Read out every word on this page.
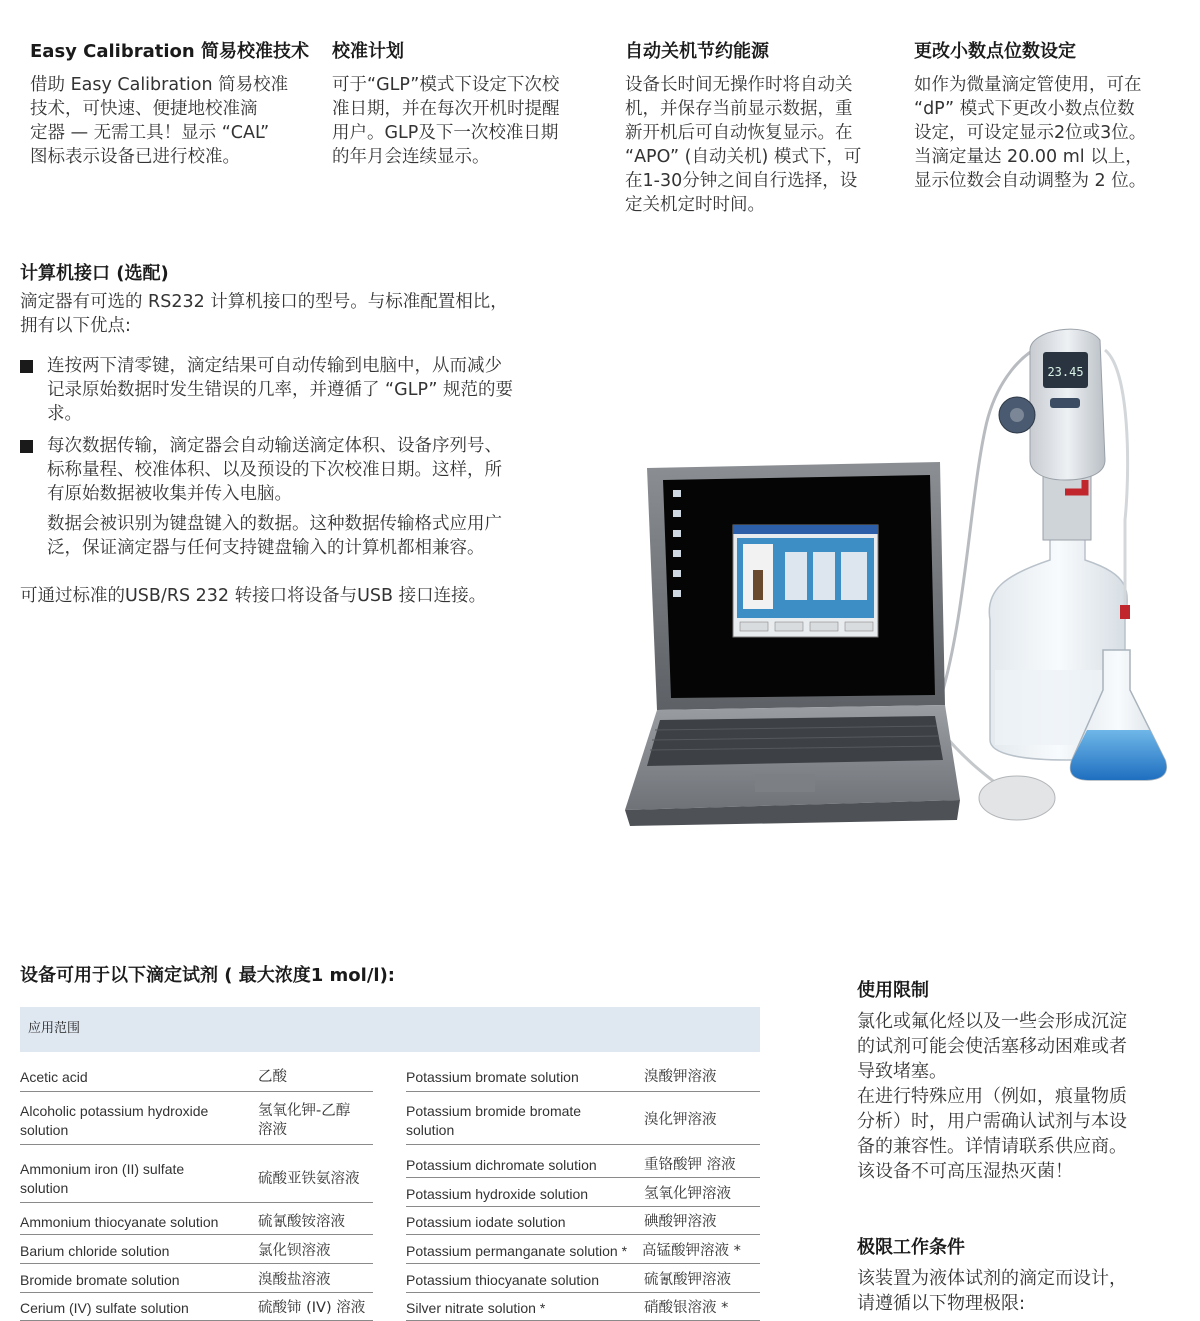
Easy Calibration 简易校准技术

借助 Easy Calibration 简易校准
技术，可快速、便捷地校准滴
定器 — 无需工具！显示 “CAL”
图标表示设备已进行校准。

校准计划

可于“GLP”模式下设定下次校
准日期，并在每次开机时提醒
用户。GLP及下一次校准日期
的年月会连续显示。

自动关机节约能源

设备长时间无操作时将自动关
机，并保存当前显示数据，重
新开机后可自动恢复显示。在
“APO” (自动关机) 模式下，可
在1-30分钟之间自行选择，设
定关机定时时间。

更改小数点位数设定

如作为微量滴定管使用，可在
“dP” 模式下更改小数点位数
设定，可设定显示2位或3位。
当滴定量达 20.00 ml 以上，
显示位数会自动调整为 2 位。

计算机接口 (选配)

滴定器有可选的 RS232 计算机接口的型号。与标准配置相比，
拥有以下优点:

连按两下清零键，滴定结果可自动传输到电脑中，从而减少
记录原始数据时发生错误的几率，并遵循了 “GLP” 规范的要
求。
每次数据传输，滴定器会自动输送滴定体积、设备序列号、
标称量程、校准体积、以及预设的下次校准日期。这样，所
有原始数据被收集并传入电脑。

数据会被识别为键盘键入的数据。这种数据传输格式应用广
泛，保证滴定器与任何支持键盘输入的计算机都相兼容。

可通过标准的USB/RS 232 转接口将设备与USB 接口连接。

23.45
设备可用于以下滴定试剂 ( 最大浓度1 mol/l):
应用范围
Acetic acid	乙酸
Alcoholic potassium hydroxide
solution
氢氧化钾-乙醇
溶液
Ammonium iron (II) sulfate
solution
硫酸亚铁氨溶液
Ammonium thiocyanate solution	硫氰酸铵溶液
Barium chloride solution	氯化钡溶液
Bromide bromate solution	溴酸盐溶液
Cerium (IV) sulfate solution	硫酸铈 (IV) 溶液
Potassium bromate solution	溴酸钾溶液
Potassium bromide bromate
solution
溴化钾溶液
Potassium dichromate solution	重铬酸钾 溶液
Potassium hydroxide solution	氢氧化钾溶液
Potassium iodate solution	碘酸钾溶液
Potassium permanganate solution * 高锰酸钾溶液 *
Potassium thiocyanate solution	硫氰酸钾溶液
Silver nitrate solution *	硝酸银溶液 *
使用限制

氯化或氟化烃以及一些会形成沉淀
的试剂可能会使活塞移动困难或者
导致堵塞。
在进行特殊应用（例如，痕量物质
分析）时，用户需确认试剂与本设
备的兼容性。详情请联系供应商。
该设备不可高压湿热灭菌！

极限工作条件

该装置为液体试剂的滴定而设计，
请遵循以下物理极限:
